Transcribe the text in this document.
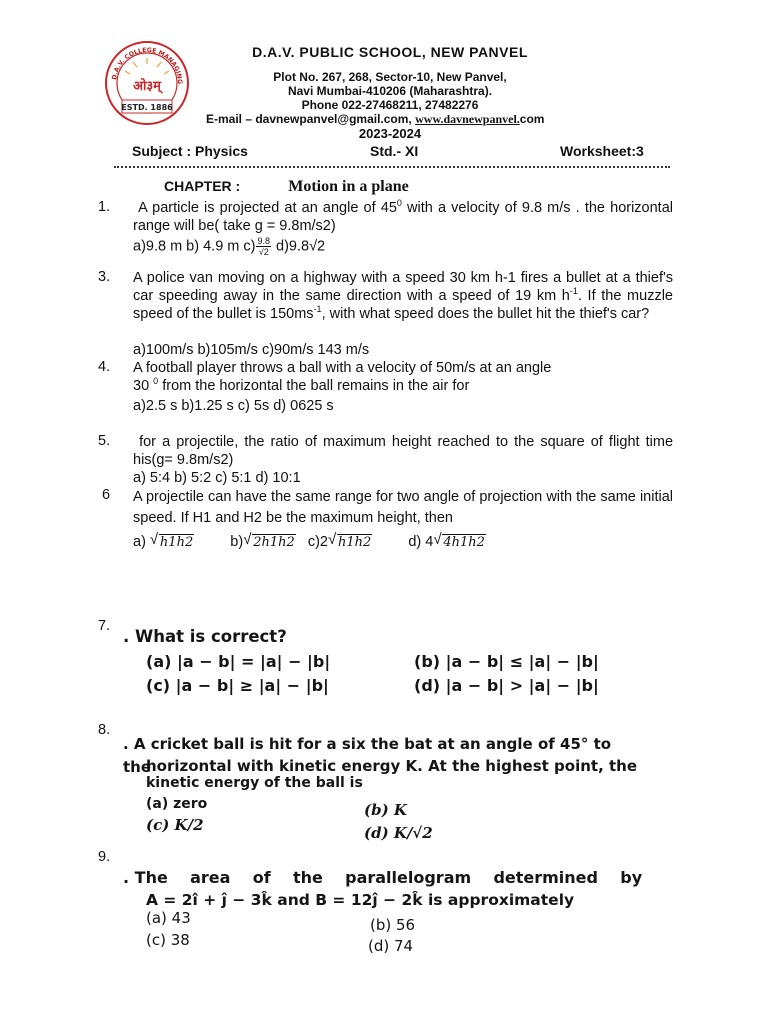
D.A.V. COLLEGE MANAGING
ओ३म्
ESTD. 1886
D.A.V. PUBLIC SCHOOL, NEW PANVEL
Plot No. 267, 268, Sector-10, New Panvel,
Navi Mumbai-410206 (Maharashtra).
Phone 022-27468211, 27482276
E-mail – davnewpanvel@gmail.com, www.davnewpanvel.com
2023-2024
Subject : Physics	Std.- XI	Worksheet:3
CHAPTER :	Motion in a plane
1.	A particle is projected at an angle of $45^0$ with a velocity of 9.8 m/s . the horizontal range will be( take g = 9.8m/s2)
a)9.8 m b) 4.9 m $c) \frac{9.8}{√2} d)9.8√2$
3. A police van moving on a highway with a speed 30 km h-1 fires a bullet at a thief's car speeding away in the same direction with a speed of 19 km $h^{-1}$. If the muzzle speed of the bullet is $150ms^{-1}$, with what speed does the bullet hit the thief's car?
a)100m/s b)105m/s c)90m/s 143 m/s
4. A football player throws a ball with a velocity of 50m/s at an angle
30 $^0$ from the horizontal the ball remains in the air for
a)2.5 s b)1.25 s c) 5s d) 0625 s
5.	for a projectile, the ratio of maximum height reached to the square of flight time his(g= 9.8m/s2)
a) 5:4 b) 5:2 c) 5:1 d) 10:1
6 A projectile can have the same range for two angle of projection with the same initial speed. If H1 and H2 be the maximum height, then
a) √ h1h2	b) √ 2h1h2 c)2 √ h1h2	d) 4 √ 4h1h2
7.
. What is correct?
(a) |a − b| = |a| − |b|	(b) |a − b| ≤ |a| − |b|
(c) |a − b| ≥ |a| − |b|	(d) |a − b| > |a| − |b|
8.
. A cricket ball is hit for a six the bat at an angle of 45° to the
horizontal with kinetic energy K. At the highest point, the
kinetic energy of the ball is
(a) zero	(b) K
(c) K/2	(d) K/√2
9.
. The    area    of    the    parallelogram    determined    by
A = 2î + ĵ − 3k̂ and B = 12ĵ − 2k̂ is approximately
(a) 43	(b) 56
(c) 38	(d) 74
